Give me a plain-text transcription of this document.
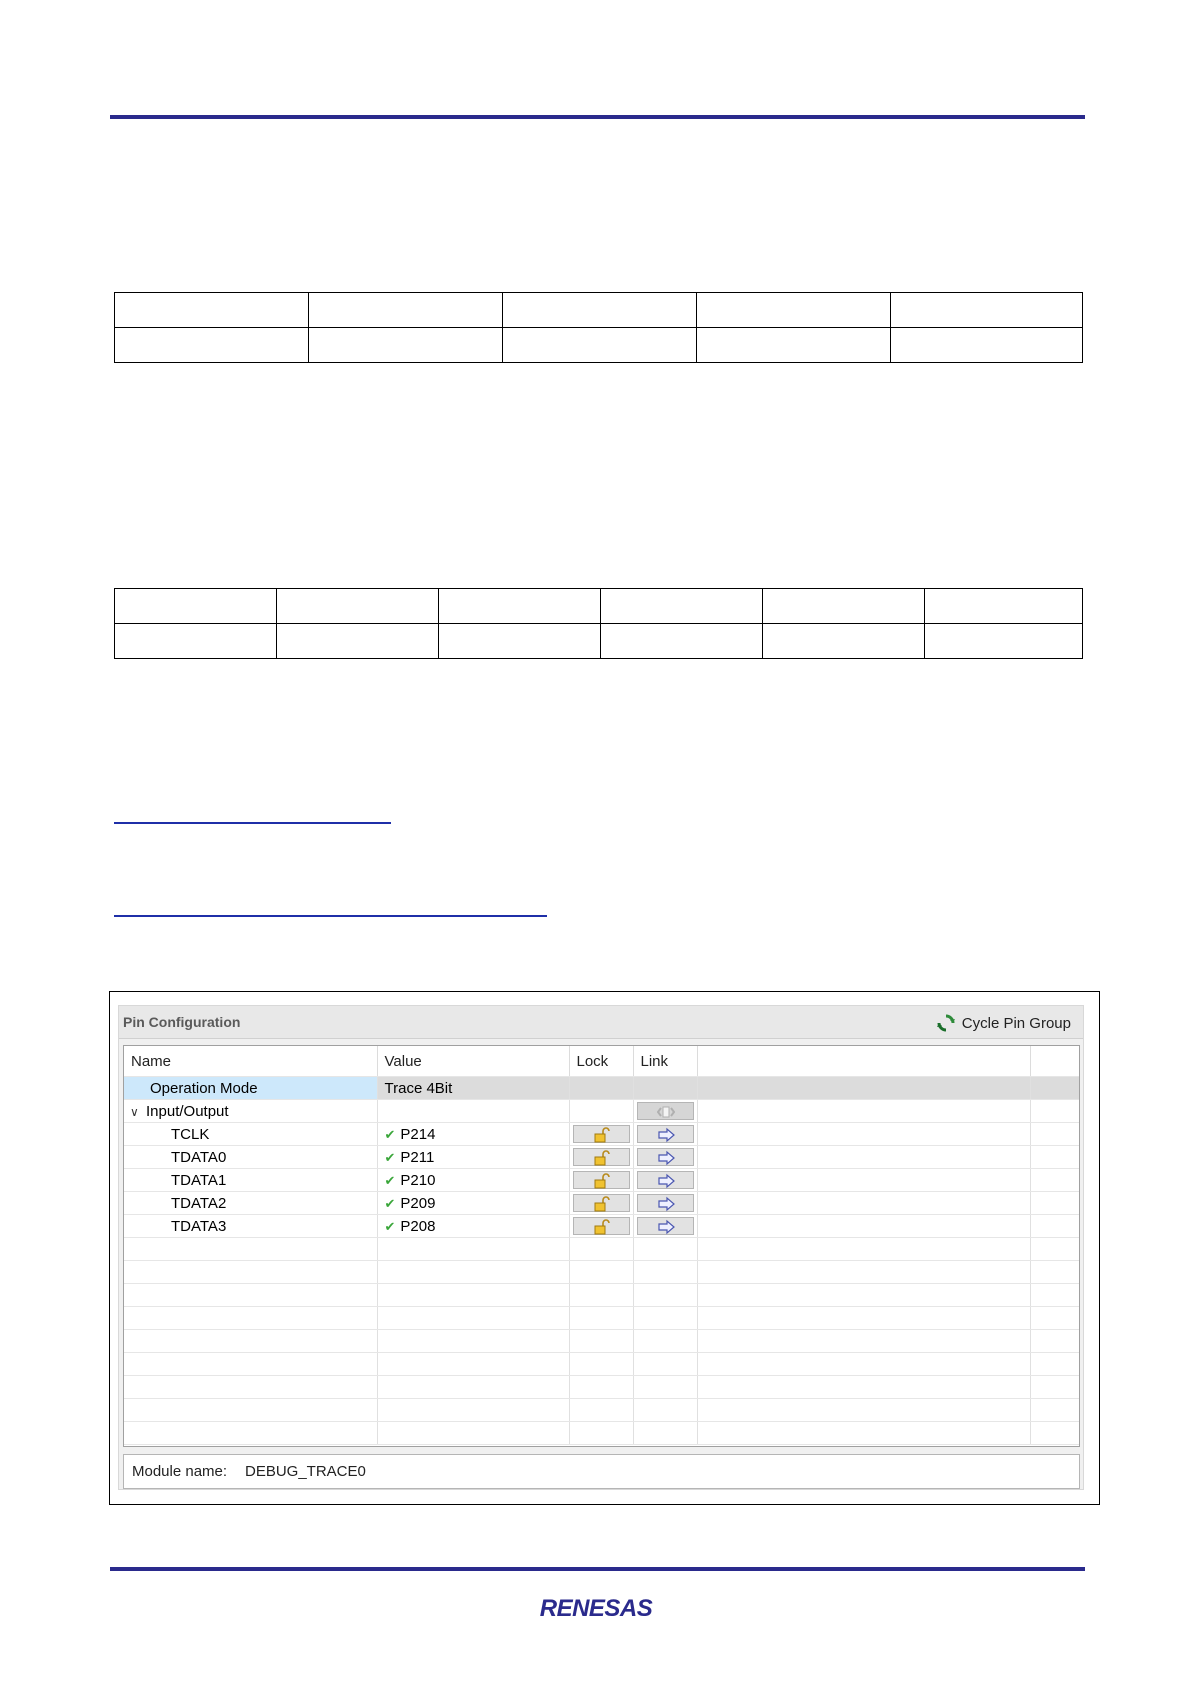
Pin Configuration	Cycle Pin Group
Name	Value	Lock	Link		
Operation Mode	Trace 4Bit				
∨ Input/Output			

TCLK	✔ P214	

TDATA0	✔ P211	

TDATA1	✔ P210	

TDATA2	✔ P209	

TDATA3	✔ P208	

Module name: DEBUG_TRACE0
RENESAS
